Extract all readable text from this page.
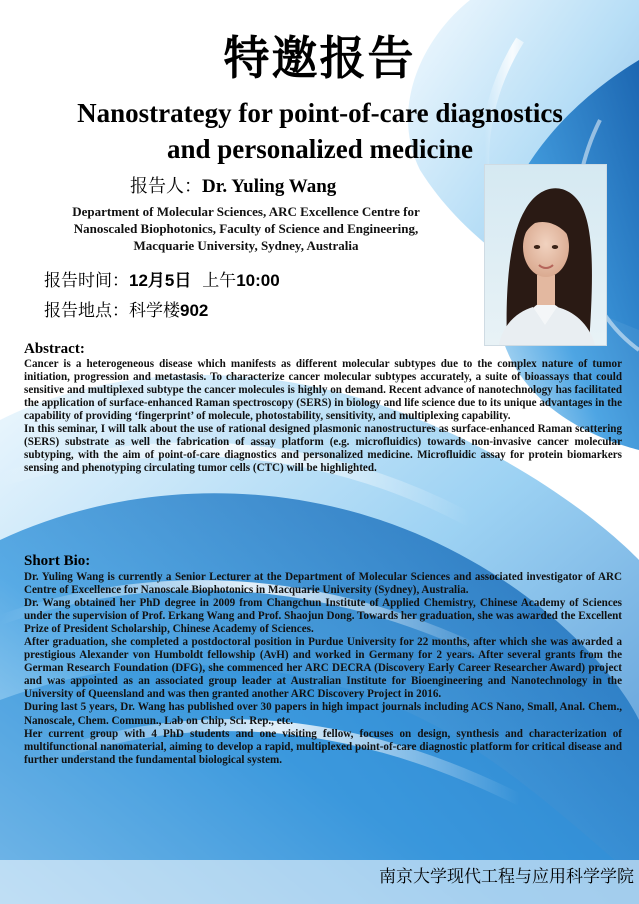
特邀报告
Nanostrategy for point-of-care diagnostics
and personalized medicine
报告人：Dr. Yuling Wang
Department of Molecular Sciences, ARC Excellence Centre for
Nanoscaled Biophotonics, Faculty of Science and Engineering,
Macquarie University, Sydney, Australia
报告时间：12月5日 上午10:00
报告地点：科学楼902
Abstract:

Cancer is a heterogeneous disease which manifests as different molecular subtypes due to the complex nature of tumor initiation, progression and metastasis. To characterize cancer molecular subtypes accurately, a suite of bioassays that could sensitive and multiplexed subtype the cancer molecules is highly on demand. Recent advance of nanotechnology has facilitated the application of surface-enhanced Raman spectroscopy (SERS) in biology and life science due to its unique advantages in the capability of providing ‘fingerprint’ of molecule, photostability, sensitivity, and multiplexing capability.

In this seminar, I will talk about the use of rational designed plasmonic nanostructures as surface-enhanced Raman scattering (SERS) substrate as well the fabrication of assay platform (e.g. microfluidics) towards non-invasive cancer molecular subtyping, with the aim of point-of-care diagnostics and personalized medicine. Microfluidic assay for protein biomarkers sensing and phenotyping circulating tumor cells (CTC) will be highlighted.

Short Bio:

Dr. Yuling Wang is currently a Senior Lecturer at the Department of Molecular Sciences and associated investigator of ARC Centre of Excellence for Nanoscale Biophotonics in Macquarie University (Sydney), Australia.

Dr. Wang obtained her PhD degree in 2009 from Changchun Institute of Applied Chemistry, Chinese Academy of Sciences under the supervision of Prof. Erkang Wang and Prof. Shaojun Dong. Towards her graduation, she was awarded the Excellent Prize of President Scholarship, Chinese Academy of Sciences.

After graduation, she completed a postdoctoral position in Purdue University for 22 months, after which she was awarded a prestigious Alexander von Humboldt fellowship (AvH) and worked in Germany for 2 years. After several grants from the German Research Foundation (DFG), she commenced her ARC DECRA (Discovery Early Career Researcher Award) project and was appointed as an associated group leader at Australian Institute for Bioengineering and Nanotechnology in the University of Queensland and was then granted another ARC Discovery Project in 2016.

During last 5 years, Dr. Wang has published over 30 papers in high impact journals including ACS Nano, Small, Anal. Chem., Nanoscale, Chem. Commun., Lab on Chip, Sci. Rep., etc.

Her current group with 4 PhD students and one visiting fellow, focuses on design, synthesis and characterization of multifunctional nanomaterial, aiming to develop a rapid, multiplexed point-of-care diagnostic platform for critical disease and further understand the fundamental biological system.

南京大学现代工程与应用科学学院
